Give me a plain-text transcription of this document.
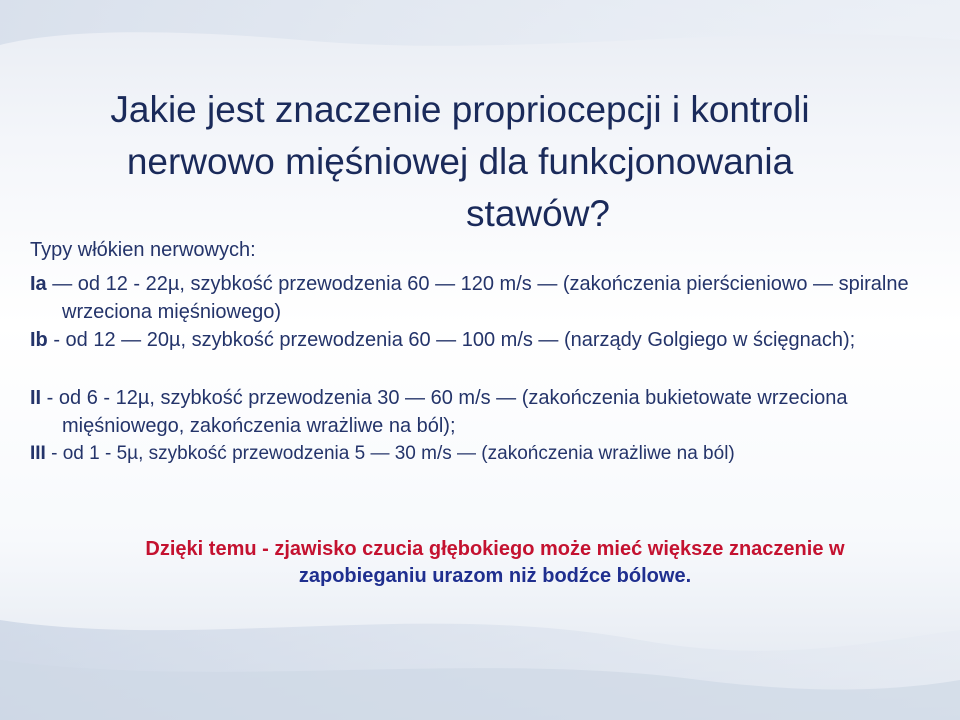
Jakie jest znaczenie propriocepcji i kontroli
nerwowo mięśniowej dla funkcjonowania
stawów?

Typy włókien nerwowych:

Ia — od 12 - 22µ, szybkość przewodzenia 60 — 120 m/s — (zakończenia pierścieniowo — spiralne wrzeciona mięśniowego)

Ib - od 12 — 20µ, szybkość przewodzenia 60 — 100 m/s — (narządy Golgiego w ścięgnach);

II - od 6 - 12µ, szybkość przewodzenia 30 — 60 m/s — (zakończenia bukietowate wrzeciona mięśniowego, zakończenia wrażliwe na ból);

III - od 1 - 5µ, szybkość przewodzenia 5 — 30 m/s — (zakończenia wrażliwe na ból)

Dzięki temu - zjawisko czucia głębokiego może mieć większe znaczenie w
zapobieganiu urazom niż bodźce bólowe.
